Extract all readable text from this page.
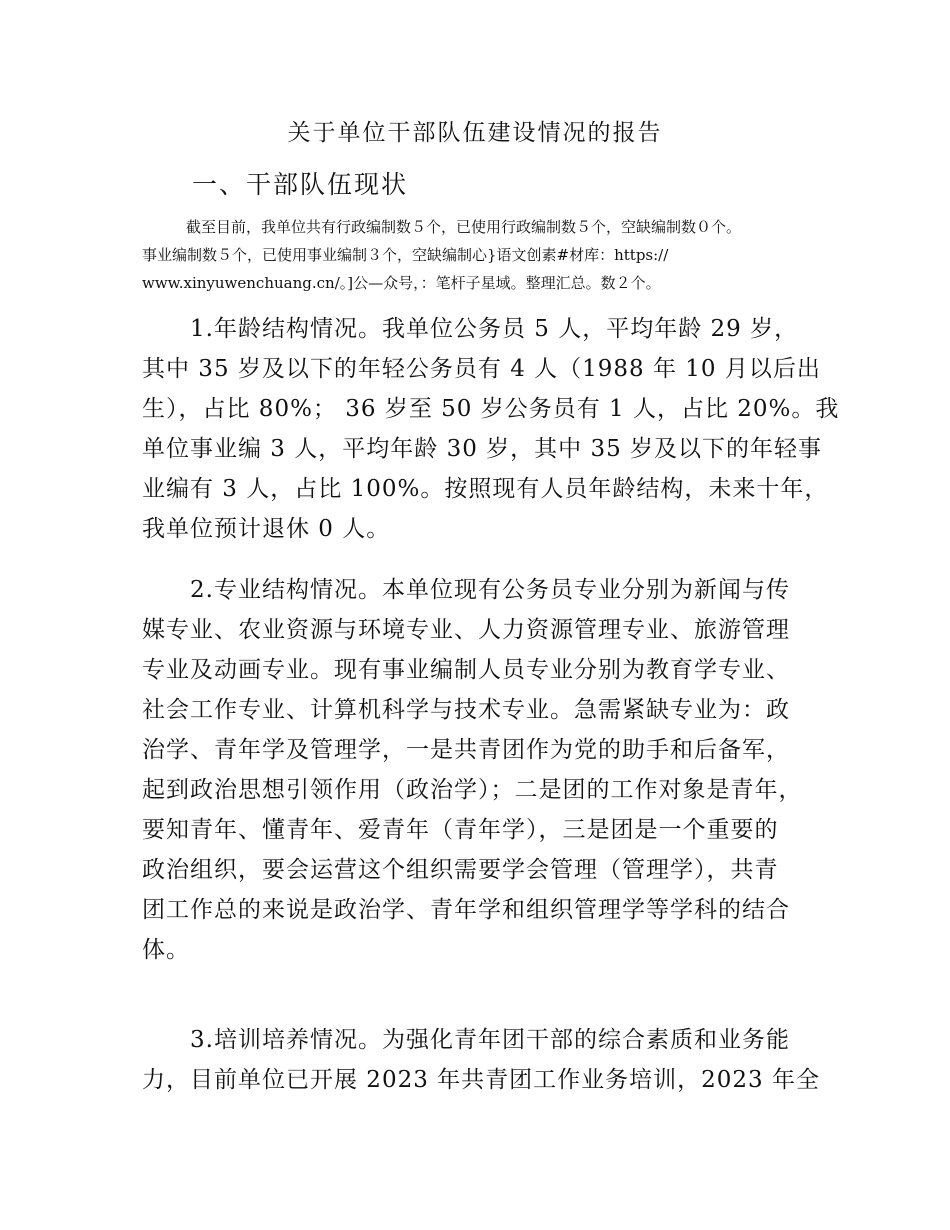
关于单位干部队伍建设情况的报告
一、干部队伍现状
截至目前，我单位共有行政编制数５个，已使用行政编制数５个，空缺编制数０个。
事业编制数５个，已使用事业编制３个，空缺编制心}语文创素#材库：https://
www.xinyuwenchuang.cn/。]公—众号，：笔杆子星域。整理汇总。数２个。
1.年龄结构情况。我单位公务员 5 人，平均年龄 29 岁，
其中 35 岁及以下的年轻公务员有 4 人（1988 年 10 月以后出
生），占比 80%； 36 岁至 50 岁公务员有 1 人，占比 20%。我
单位事业编 3 人，平均年龄 30 岁，其中 35 岁及以下的年轻事
业编有 3 人，占比 100%。按照现有人员年龄结构，未来十年，
我单位预计退休 0 人。
2.专业结构情况。本单位现有公务员专业分别为新闻与传
媒专业、农业资源与环境专业、人力资源管理专业、旅游管理
专业及动画专业。现有事业编制人员专业分别为教育学专业、
社会工作专业、计算机科学与技术专业。急需紧缺专业为：政
治学、青年学及管理学，一是共青团作为党的助手和后备军，
起到政治思想引领作用（政治学）；二是团的工作对象是青年，
要知青年、懂青年、爱青年（青年学），三是团是一个重要的
政治组织，要会运营这个组织需要学会管理（管理学），共青
团工作总的来说是政治学、青年学和组织管理学等学科的结合
体。
3.培训培养情况。为强化青年团干部的综合素质和业务能
力，目前单位已开展 2023 年共青团工作业务培训，2023 年全
